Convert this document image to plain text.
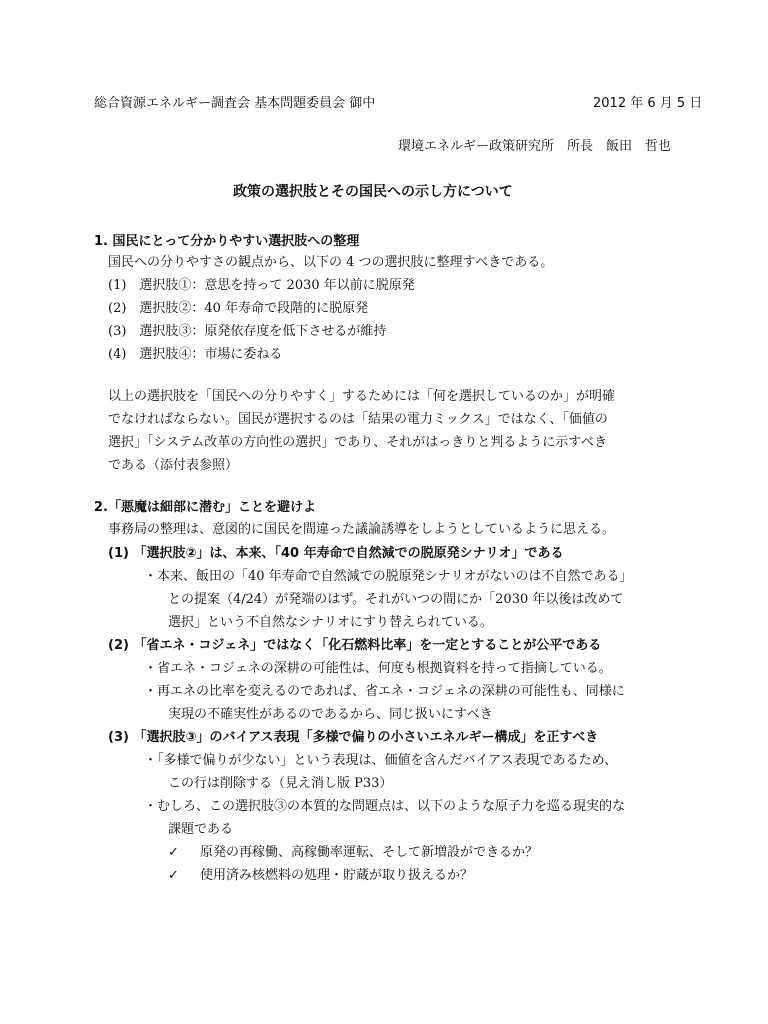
総合資源エネルギー調査会 基本問題委員会 御中	2012 年 6 月 5 日
環境エネルギー政策研究所　所長　飯田　哲也
政策の選択肢とその国民への示し方について
1. 国民にとって分かりやすい選択肢への整理
国民への分りやすさの観点から、以下の 4 つの選択肢に整理すべきである。
(1)　選択肢①：意思を持って 2030 年以前に脱原発
(2)　選択肢②：40 年寿命で段階的に脱原発
(3)　選択肢③：原発依存度を低下させるが維持
(4)　選択肢④：市場に委ねる
以上の選択肢を「国民への分りやすく」するためには「何を選択しているのか」が明確
でなければならない。国民が選択するのは「結果の電力ミックス」ではなく、「価値の
選択」「システム改革の方向性の選択」であり、それがはっきりと判るように示すべき
である（添付表参照）
2.「悪魔は細部に潜む」ことを避けよ
事務局の整理は、意図的に国民を間違った議論誘導をしようとしているように思える。
(1) 「選択肢②」は、本来、「40 年寿命で自然減での脱原発シナリオ」である
・本来、飯田の「40 年寿命で自然減での脱原発シナリオがないのは不自然である」
との提案（4/24）が発端のはず。それがいつの間にか「2030 年以後は改めて
選択」という不自然なシナリオにすり替えられている。
(2) 「省エネ・コジェネ」ではなく「化石燃料比率」を一定とすることが公平である
・省エネ・コジェネの深耕の可能性は、何度も根拠資料を持って指摘している。
・再エネの比率を変えるのであれば、省エネ・コジェネの深耕の可能性も、同様に
実現の不確実性があるのであるから、同じ扱いにすべき
(3) 「選択肢③」のバイアス表現「多様で偏りの小さいエネルギー構成」を正すべき
・「多様で偏りが少ない」という表現は、価値を含んだバイアス表現であるため、
この行は削除する（見え消し版 P33）
・むしろ、この選択肢③の本質的な問題点は、以下のような原子力を巡る現実的な
課題である
✓ 原発の再稼働、高稼働率運転、そして新増設ができるか？
✓ 使用済み核燃料の処理・貯蔵が取り扱えるか？
